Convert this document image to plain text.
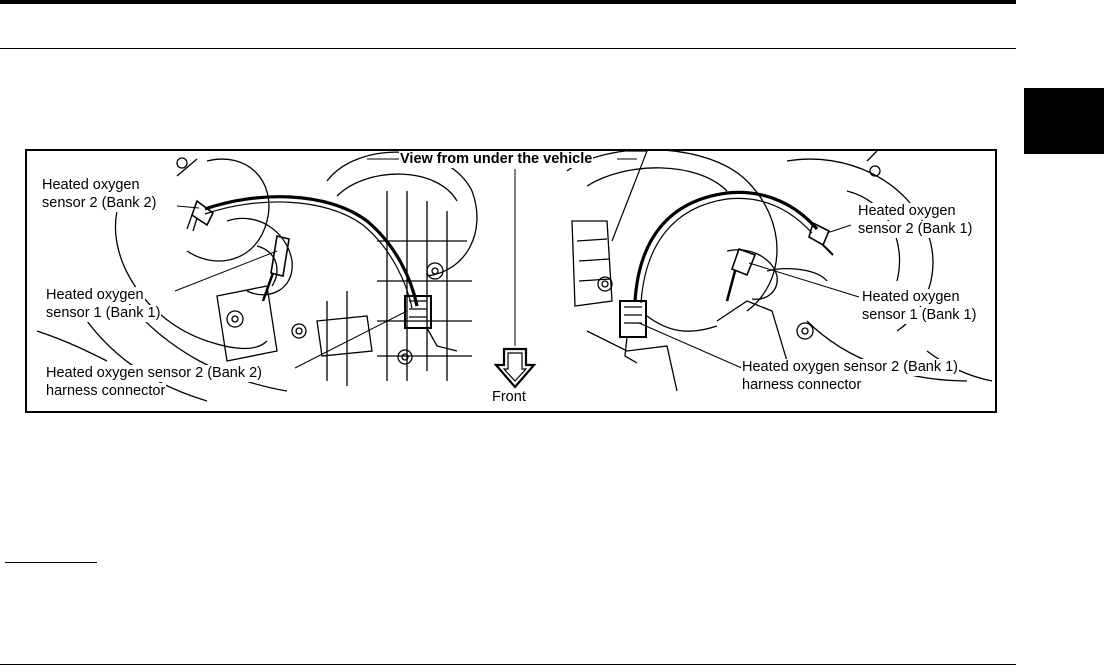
View from under the vehicle
Heated oxygen
sensor 2 (Bank 2)
Heated oxygen
sensor 1 (Bank 1)
Heated oxygen sensor 2 (Bank 2)
harness connector	Front
Heated oxygen
sensor 2 (Bank 1)
Heated oxygen
sensor 1 (Bank 1)
Heated oxygen sensor 2 (Bank 1)
harness connector
